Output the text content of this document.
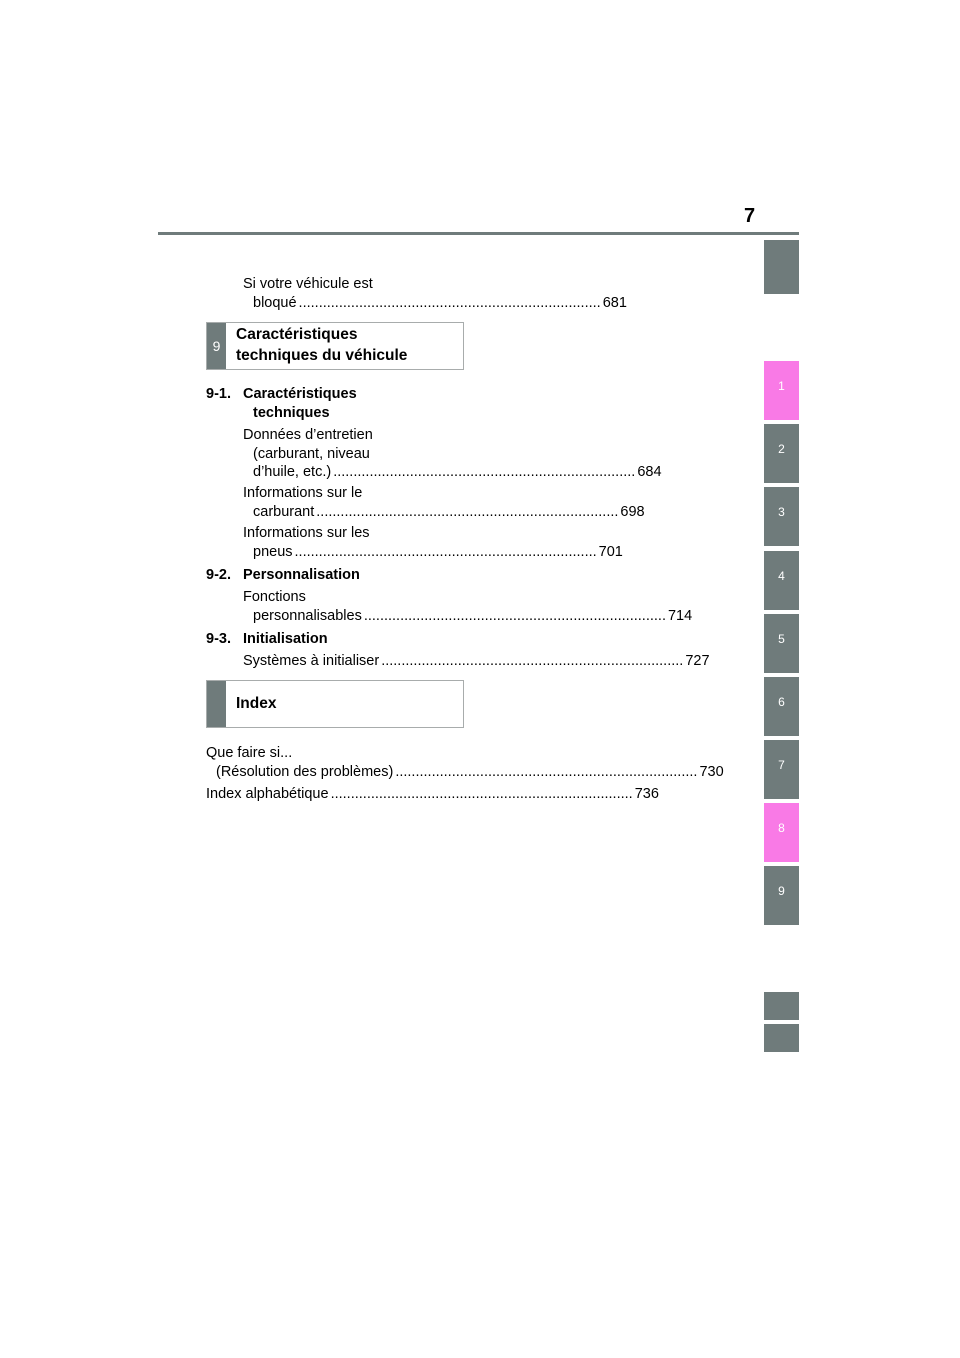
7
Si votre véhicule est
bloqué ........................................................................... 681
9
Caractéristiques
techniques du véhicule
9-1. Caractéristiques
techniques
Données d’entretien
(carburant, niveau
d’huile, etc.) ........................................................................... 684
Informations sur le
carburant ........................................................................... 698
Informations sur les
pneus ........................................................................... 701
9-2. Personnalisation
Fonctions
personnalisables ........................................................................... 714
9-3. Initialisation
Systèmes à initialiser ........................................................................... 727
Index
Que faire si...
(Résolution des problèmes) ........................................................................... 730
Index alphabétique ........................................................................... 736
1
2
3
4
5
6
7
8
9
